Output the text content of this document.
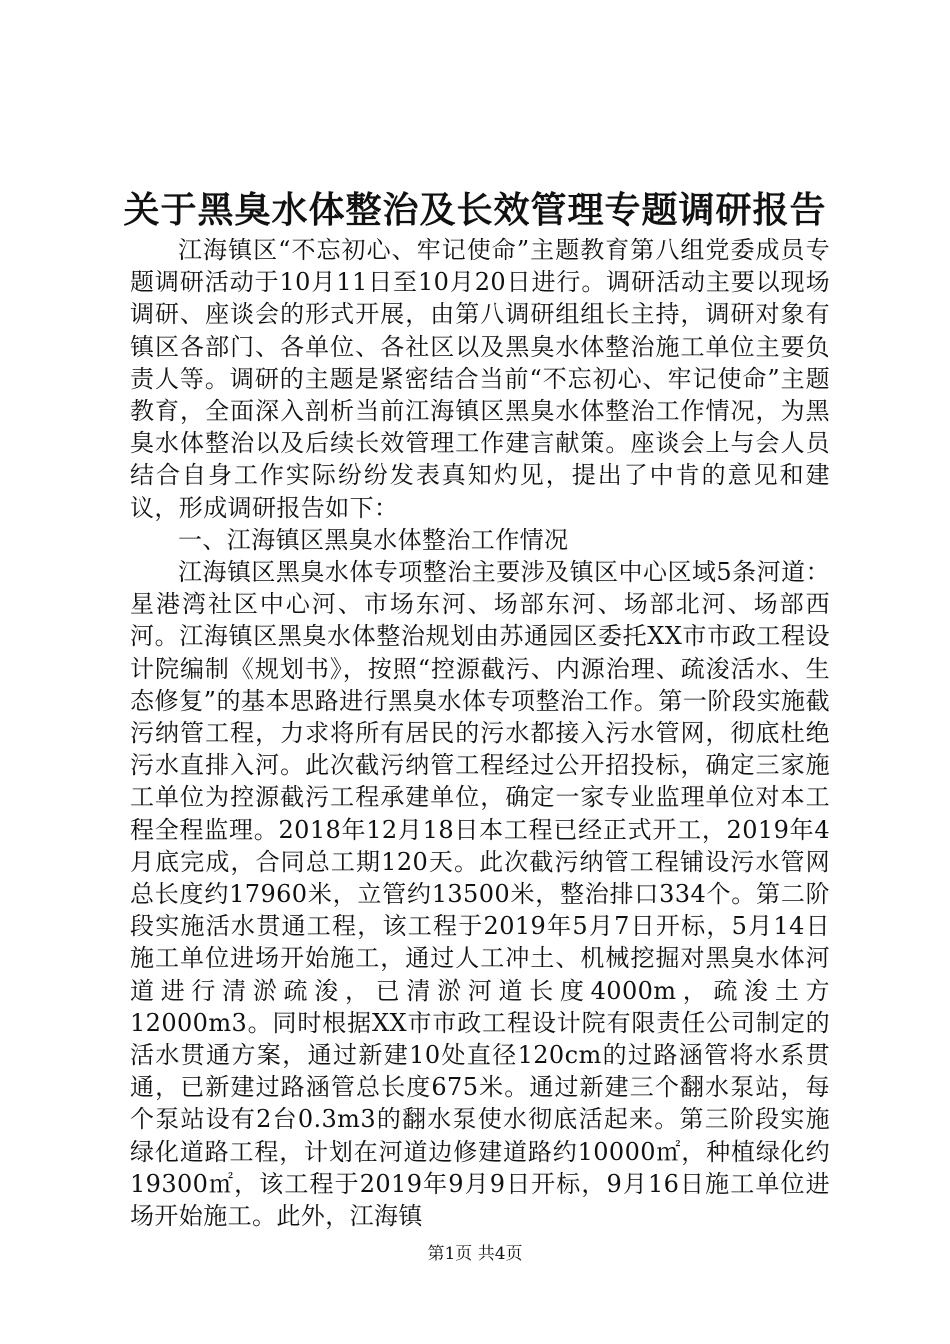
关于黑臭水体整治及长效管理专题调研报告

江海镇区“不忘初心、牢记使命”主题教育第八组党委成员专题调研活动于10月11日至10月20日进行。调研活动主要以现场调研、座谈会的形式开展，由第八调研组组长主持，调研对象有镇区各部门、各单位、各社区以及黑臭水体整治施工单位主要负责人等。调研的主题是紧密结合当前“不忘初心、牢记使命”主题教育，全面深入剖析当前江海镇区黑臭水体整治工作情况，为黑臭水体整治以及后续长效管理工作建言献策。座谈会上与会人员结合自身工作实际纷纷发表真知灼见，提出了中肯的意见和建议，形成调研报告如下：

一、江海镇区黑臭水体整治工作情况

江海镇区黑臭水体专项整治主要涉及镇区中心区域5条河道：星港湾社区中心河、市场东河、场部东河、场部北河、场部西河。江海镇区黑臭水体整治规划由苏通园区委托XX市市政工程设计院编制《规划书》，按照“控源截污、内源治理、疏浚活水、生态修复”的基本思路进行黑臭水体专项整治工作。第一阶段实施截污纳管工程，力求将所有居民的污水都接入污水管网，彻底杜绝污水直排入河。此次截污纳管工程经过公开招投标，确定三家施工单位为控源截污工程承建单位，确定一家专业监理单位对本工程全程监理。2018年12月18日本工程已经正式开工，2019年4月底完成，合同总工期120天。此次截污纳管工程铺设污水管网总长度约17960米，立管约13500米，整治排口334个。第二阶段实施活水贯通工程，该工程于2019年5月7日开标，5月14日施工单位进场开始施工，通过人工冲土、机械挖掘对黑臭水体河道进行清淤疏浚，已清淤河道长度4000m，疏浚土方12000m3。同时根据XX市市政工程设计院有限责任公司制定的活水贯通方案，通过新建10处直径120cm的过路涵管将水系贯通，已新建过路涵管总长度675米。通过新建三个翻水泵站，每个泵站设有2台0.3m3的翻水泵使水彻底活起来。第三阶段实施绿化道路工程，计划在河道边修建道路约10000㎡，种植绿化约19300㎡，该工程于2019年9月9日开标，9月16日施工单位进场开始施工。此外，江海镇

第1页 共4页
